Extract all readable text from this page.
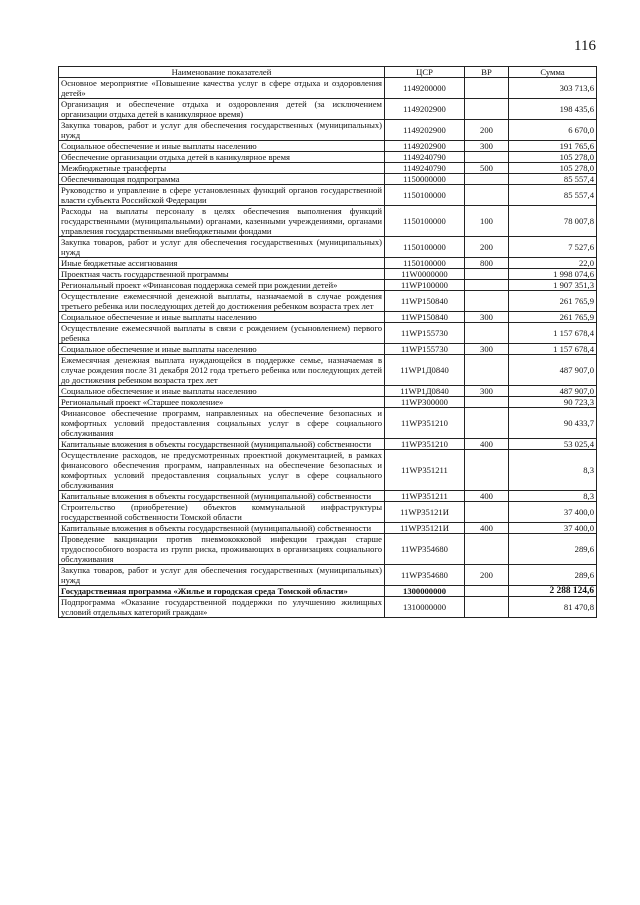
116
Наименование показателей	ЦСР	ВР	Сумма
Основное мероприятие «Повышение качества услуг в сфере отдыха и оздоровления детей»	1149200000		303 713,6
Организация и обеспечение отдыха и оздоровления детей (за исключением организации отдыха детей в каникулярное время)	1149202900		198 435,6
Закупка товаров, работ и услуг для обеспечения государственных (муниципальных) нужд	1149202900	200	6 670,0
Социальное обеспечение и иные выплаты населению	1149202900	300	191 765,6
Обеспечение организации отдыха детей в каникулярное время	1149240790		105 278,0
Межбюджетные трансферты	1149240790	500	105 278,0
Обеспечивающая подпрограмма	1150000000		85 557,4
Руководство и управление в сфере установленных функций органов государственной власти субъекта Российской Федерации	1150100000		85 557,4
Расходы на выплаты персоналу в целях обеспечения выполнения функций государственными (муниципальными) органами, казенными учреждениями, органами управления государственными внебюджетными фондами	1150100000	100	78 007,8
Закупка товаров, работ и услуг для обеспечения государственных (муниципальных) нужд	1150100000	200	7 527,6
Иные бюджетные ассигнования	1150100000	800	22,0
Проектная часть государственной программы	11W0000000		1 998 074,6
Региональный проект «Финансовая поддержка семей при рождении детей»	11WP100000		1 907 351,3
Осуществление ежемесячной денежной выплаты, назначаемой в случае рождения третьего ребенка или последующих детей до достижения ребенком возраста трех лет	11WP150840		261 765,9
Социальное обеспечение и иные выплаты населению	11WP150840	300	261 765,9
Осуществление ежемесячной выплаты в связи с рождением (усыновлением) первого ребенка	11WP155730		1 157 678,4
Социальное обеспечение и иные выплаты населению	11WP155730	300	1 157 678,4
Ежемесячная денежная выплата нуждающейся в поддержке семье, назначаемая в случае рождения после 31 декабря 2012 года третьего ребенка или последующих детей до достижения ребенком возраста трех лет	11WP1Д0840		487 907,0
Социальное обеспечение и иные выплаты населению	11WP1Д0840	300	487 907,0
Региональный проект «Старшее поколение»	11WP300000		90 723,3
Финансовое обеспечение программ, направленных на обеспечение безопасных и комфортных условий предоставления социальных услуг в сфере социального обслуживания	11WP351210		90 433,7
Капитальные вложения в объекты государственной (муниципальной) собственности	11WP351210	400	53 025,4
Осуществление расходов, не предусмотренных проектной документацией, в рамках финансового обеспечения программ, направленных на обеспечение безопасных и комфортных условий предоставления социальных услуг в сфере социального обслуживания	11WP351211		8,3
Капитальные вложения в объекты государственной (муниципальной) собственности	11WP351211	400	8,3
Строительство (приобретение) объектов коммунальной инфраструктуры государственной собственности Томской области	11WP35121И		37 400,0
Капитальные вложения в объекты государственной (муниципальной) собственности	11WP35121И	400	37 400,0
Проведение вакцинации против пневмококковой инфекции граждан старше трудоспособного возраста из групп риска, проживающих в организациях социального обслуживания	11WP354680		289,6
Закупка товаров, работ и услуг для обеспечения государственных (муниципальных) нужд	11WP354680	200	289,6
Государственная программа «Жилье и городская среда Томской области»	1300000000		2 288 124,6
Подпрограмма «Оказание государственной поддержки по улучшению жилищных условий отдельных категорий граждан»	1310000000		81 470,8
